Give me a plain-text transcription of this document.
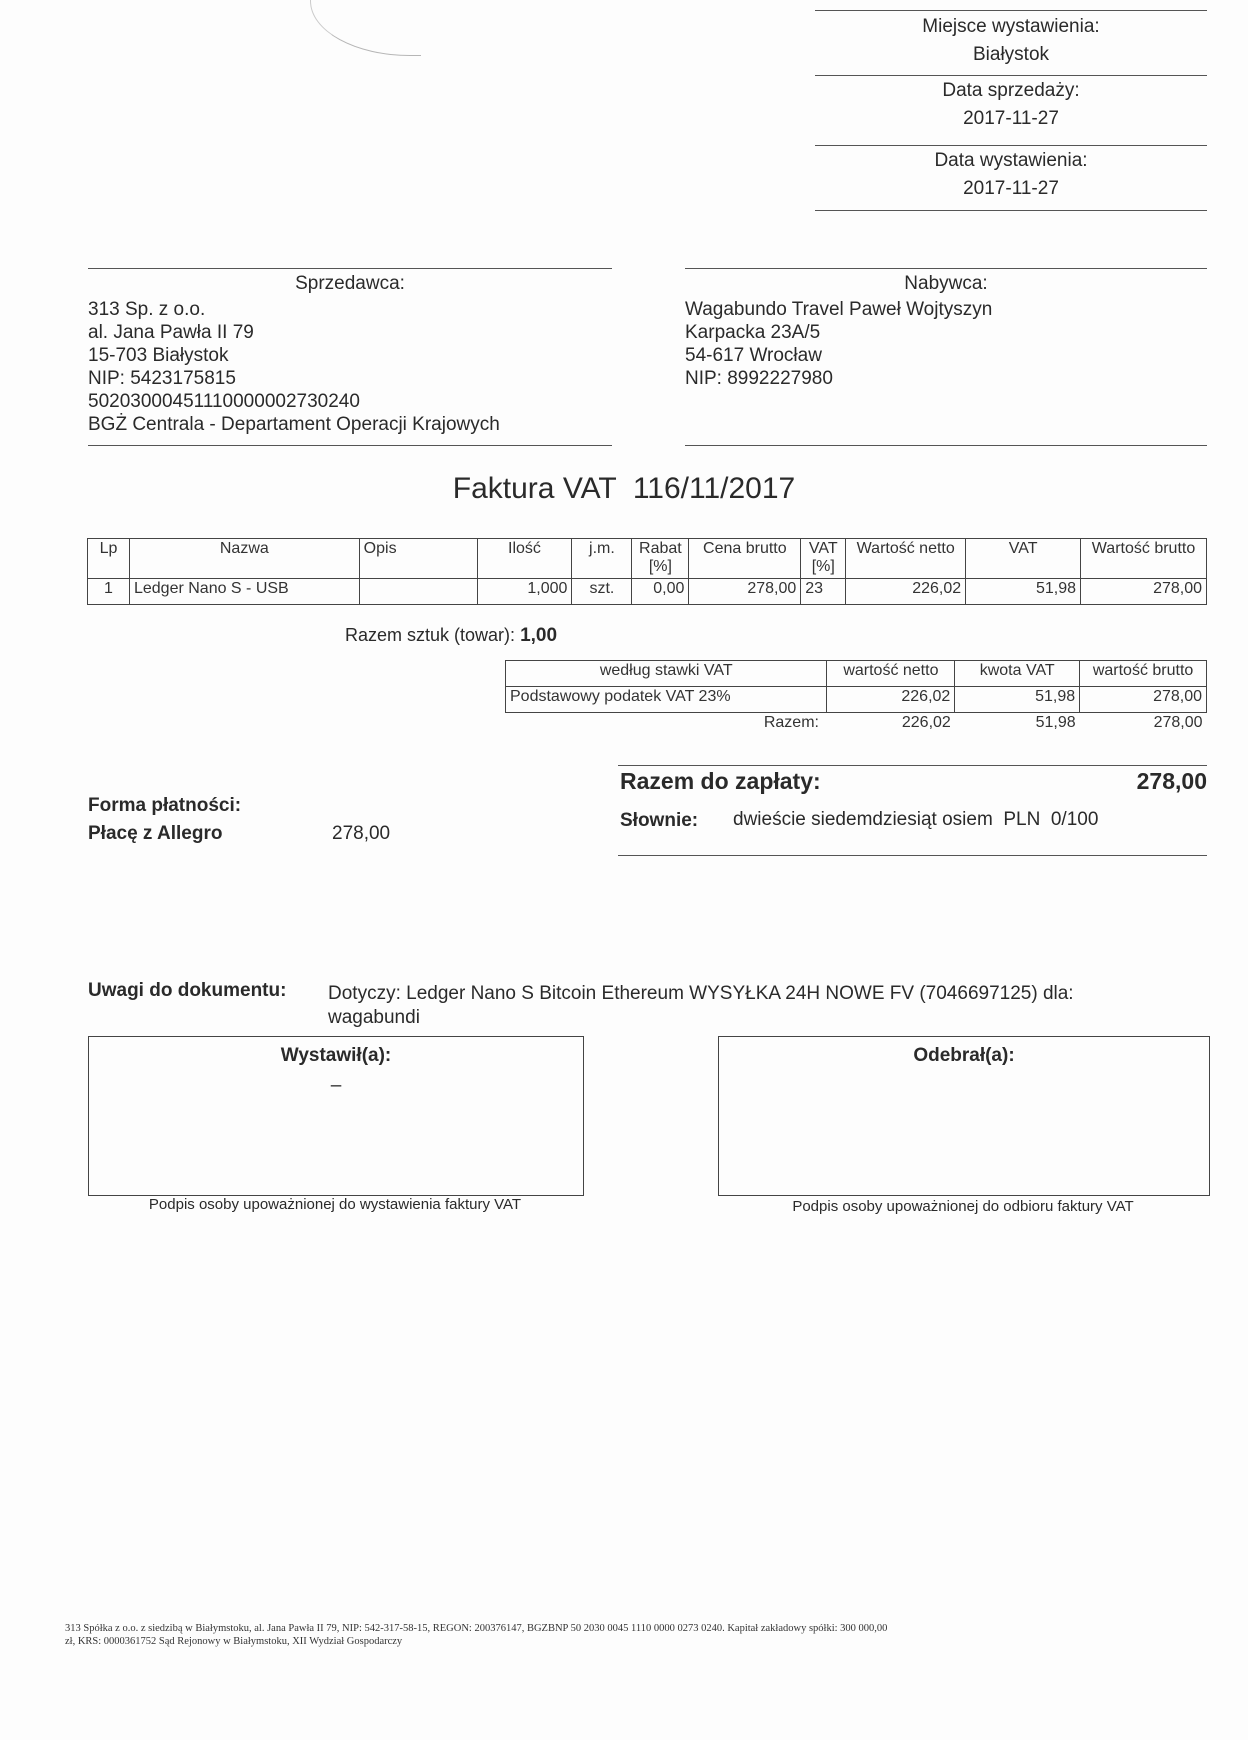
Miejsce wystawienia:
Białystok
Data sprzedaży:
2017-11-27
Data wystawienia:
2017-11-27
Sprzedawca:
313 Sp. z o.o.
al. Jana Pawła II 79
15-703 Białystok
NIP: 5423175815
50203000451110000002730240
BGŻ Centrala - Departament Operacji Krajowych
Nabywca:
Wagabundo Travel Paweł Wojtyszyn
Karpacka 23A/5
54-617 Wrocław
NIP: 8992227980
Faktura VAT  116/11/2017
Lp	Nazwa	Opis	Ilość	j.m.	Rabat [%]	Cena brutto	VAT [%]	Wartość netto	VAT	Wartość brutto
1	Ledger Nano S - USB		1,000	szt.	0,00	278,00	23	226,02	51,98	278,00
Razem sztuk (towar): 1,00
według stawki VAT	wartość netto	kwota VAT	wartość brutto
Podstawowy podatek VAT 23%	226,02	51,98	278,00
Razem:	226,02	51,98	278,00
Forma płatności:
Płacę z Allegro	278,00
Razem do zapłaty:	278,00
Słownie: dwieście siedemdziesiąt osiem  PLN  0/100
Uwagi do dokumentu: Dotyczy: Ledger Nano S Bitcoin Ethereum WYSYŁKA 24H NOWE FV (7046697125) dla:
wagabundi
Wystawił(a):
–
Podpis osoby upoważnionej do wystawienia faktury VAT
Odebrał(a):
Podpis osoby upoważnionej do odbioru faktury VAT
313 Spółka z o.o. z siedzibą w Białymstoku, al. Jana Pawła II 79, NIP: 542-317-58-15, REGON: 200376147, BGZBNP 50 2030 0045 1110 0000 0273 0240. Kapitał zakładowy spółki: 300 000,00
zł, KRS: 0000361752 Sąd Rejonowy w Białymstoku, XII Wydział Gospodarczy
